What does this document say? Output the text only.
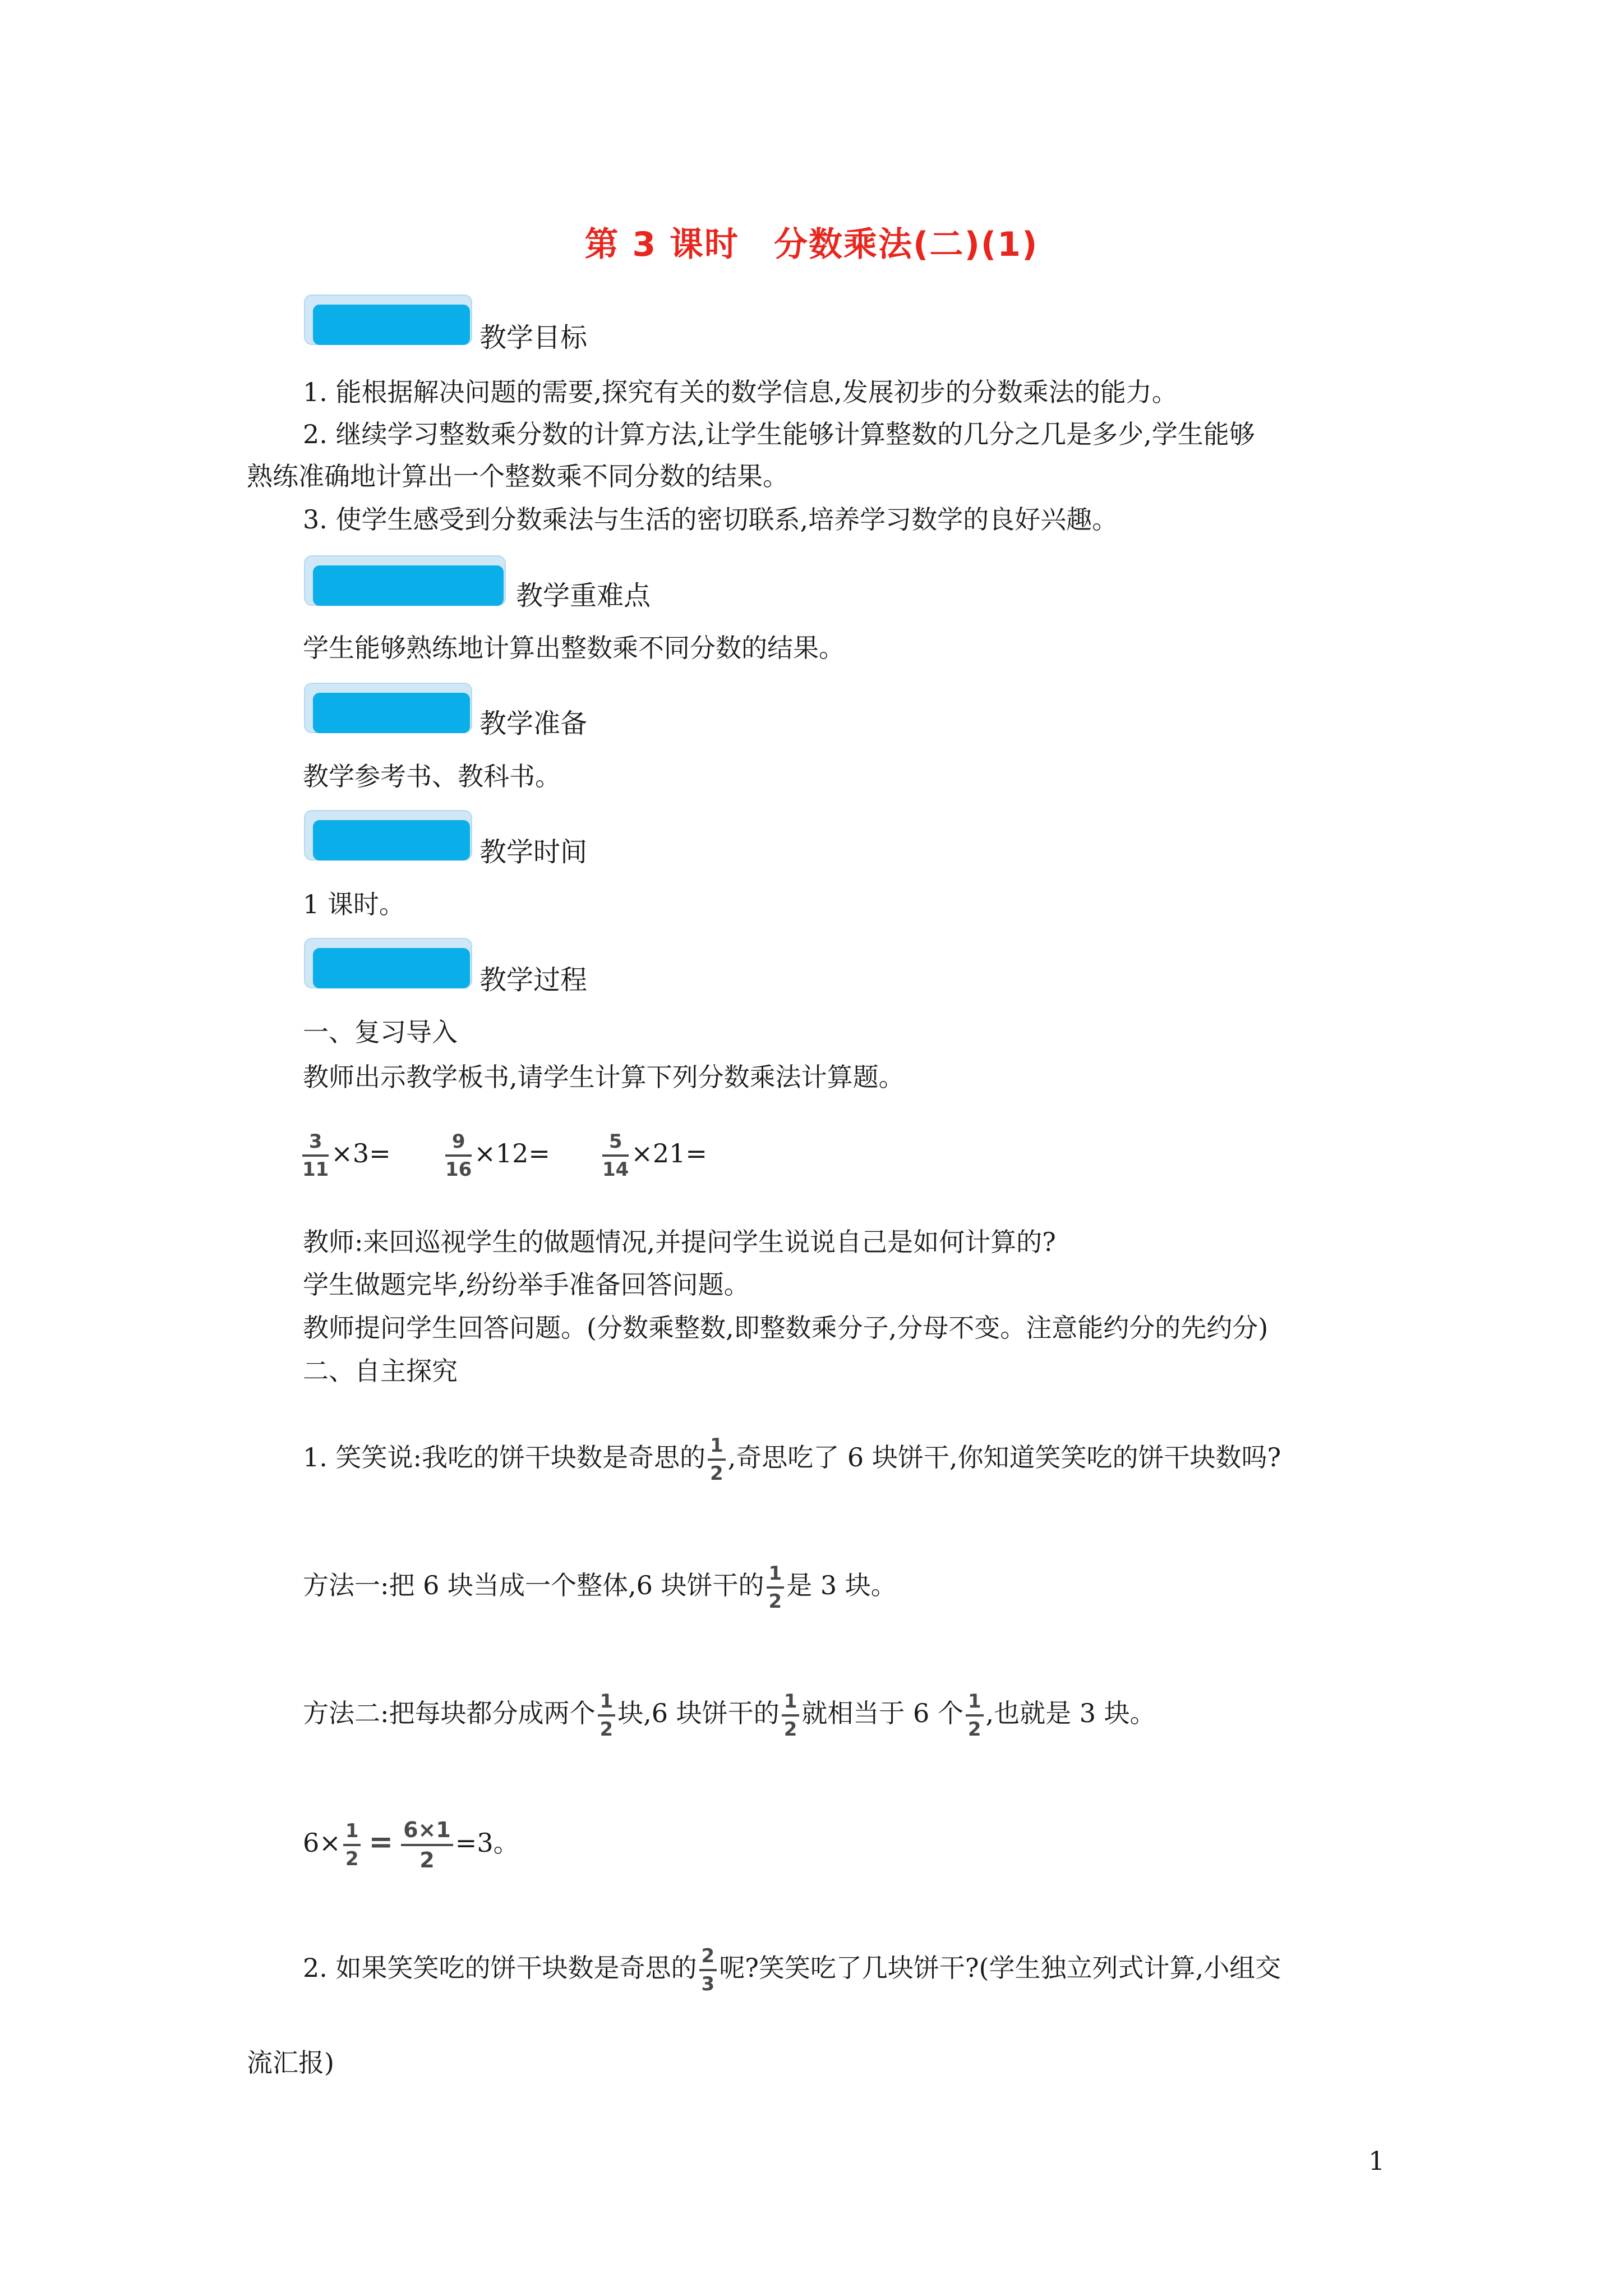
第 3 课时　分数乘法(二)(1)
教学目标
1. 能根据解决问题的需要,探究有关的数学信息,发展初步的分数乘法的能力。
2. 继续学习整数乘分数的计算方法,让学生能够计算整数的几分之几是多少,学生能够
熟练准确地计算出一个整数乘不同分数的结果。
3. 使学生感受到分数乘法与生活的密切联系,培养学习数学的良好兴趣。
教学重难点
学生能够熟练地计算出整数乘不同分数的结果。
教学准备
教学参考书、教科书。
教学时间
1 课时。
教学过程
一、复习导入
教师出示教学板书,请学生计算下列分数乘法计算题。
$\frac{3}{11} \times 3=$	$\frac{9}{16} \times 12=$	$\frac{5}{14} \times 21=$
教师:来回巡视学生的做题情况,并提问学生说说自己是如何计算的?
学生做题完毕,纷纷举手准备回答问题。
教师提问学生回答问题。(分数乘整数,即整数乘分子,分母不变。注意能约分的先约分)
二、自主探究
1. 笑笑说:我吃的饼干块数是奇思的 $\frac{1}{2}$ ,奇思吃了 6 块饼干,你知道笑笑吃的饼干块数吗?
方法一:把 6 块当成一个整体,6 块饼干的 $\frac{1}{2}$ 是 3 块。
方法二:把每块都分成两个 $\frac{1}{2}$ 块,6 块饼干的 $\frac{1}{2}$ 就相当于 6 个 $\frac{1}{2}$ ,也就是 3 块。
$6\times \frac{1}{2} = \frac{6\times 1}{2} =3$。
2. 如果笑笑吃的饼干块数是奇思的 $\frac{2}{3}$ 呢?笑笑吃了几块饼干?(学生独立列式计算,小组交
流汇报)
1
